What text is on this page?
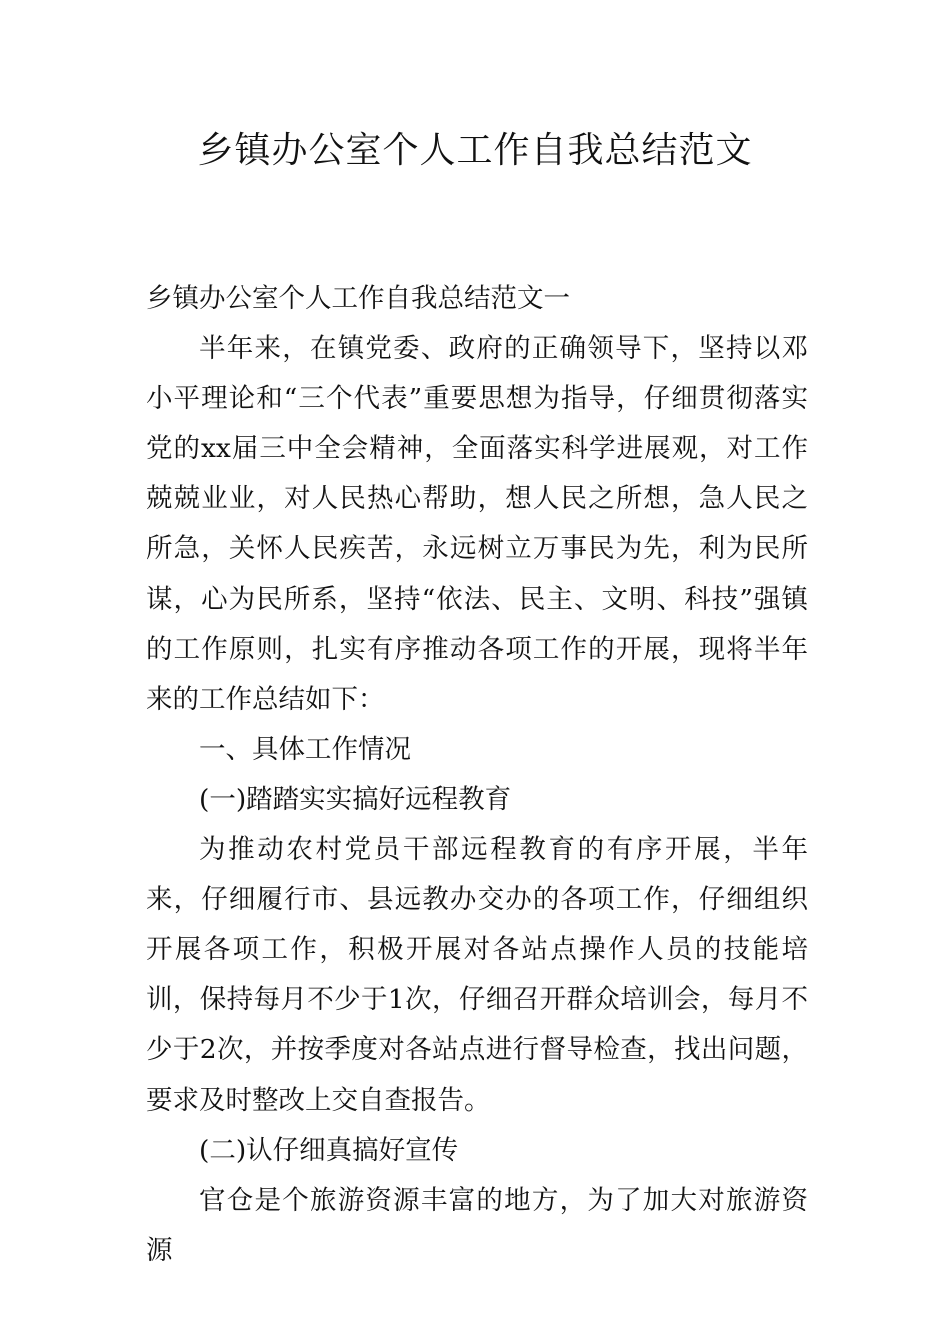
乡镇办公室个人工作自我总结范文

乡镇办公室个人工作自我总结范文一

半年来，在镇党委、政府的正确领导下，坚持以邓小平理论和“三个代表”重要思想为指导，仔细贯彻落实党的xx届三中全会精神，全面落实科学进展观，对工作兢兢业业，对人民热心帮助，想人民之所想，急人民之所急，关怀人民疾苦，永远树立万事民为先，利为民所谋，心为民所系，坚持“依法、民主、文明、科技”强镇的工作原则，扎实有序推动各项工作的开展，现将半年来的工作总结如下：

一、具体工作情况

(一)踏踏实实搞好远程教育

为推动农村党员干部远程教育的有序开展，半年来，仔细履行市、县远教办交办的各项工作，仔细组织开展各项工作，积极开展对各站点操作人员的技能培训，保持每月不少于1次，仔细召开群众培训会，每月不少于2次，并按季度对各站点进行督导检查，找出问题，要求及时整改上交自查报告。

(二)认仔细真搞好宣传

官仓是个旅游资源丰富的地方，为了加大对旅游资源
